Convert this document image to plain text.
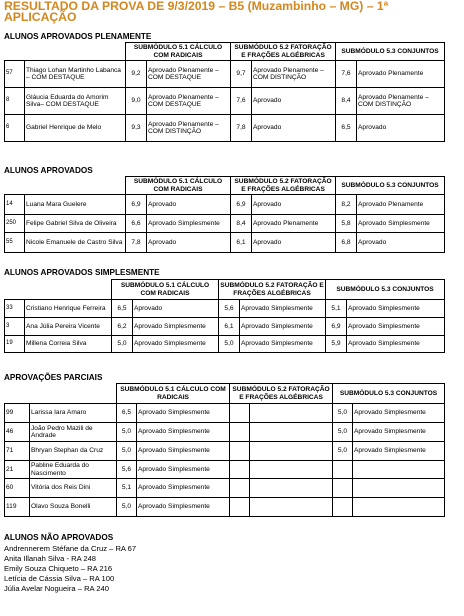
RESULTADO DA PROVA DE 9/3/2019 – B5 (Muzambinho – MG) – 1ª APLICAÇÃO
ALUNOS APROVADOS PLENAMENTE
		SUBMÓDULO 5.1 CÁLCULO COM RADICAIS		SUBMÓDULO 5.2 FATORAÇÃO E FRAÇÕES ALGÉBRICAS		SUBMÓDULO 5.3 CONJUNTOS	
57	Thiago Lohan Martinho Labanca – COM DESTAQUE	9,2	Aprovado Plenamente – COM DESTAQUE	9,7	Aprovado Plenamente – COM DISTINÇÃO	7,6	Aprovado Plenamente
8	Gláucia Eduarda do Amorim Silva– COM DESTAQUE	9,0	Aprovado Plenamente – COM DESTAQUE	7,6	Aprovado	8,4	Aprovado Plenamente – COM DISTINÇÃO
6	Gabriel Henrique de Melo	9,3	Aprovado Plenamente – COM DISTINÇÃO	7,8	Aprovado	6,5	Aprovado
ALUNOS APROVADOS
		SUBMÓDULO 5.1 CÁLCULO COM RADICAIS		SUBMÓDULO 5.2 FATORAÇÃO E FRAÇÕES ALGÉBRICAS		SUBMÓDULO 5.3 CONJUNTOS	
14	Luana Mara Guelere	6,9	Aprovado	6,9	Aprovado	8,2	Aprovado Plenamente
250	Felipe Gabriel Silva de Oliveira	6,6	Aprovado Simplesmente	8,4	Aprovado Plenamente	5,8	Aprovado Simplesmente
55	Nicole Emanuele de Castro Silva	7,8	Aprovado	6,1	Aprovado	6,8	Aprovado
ALUNOS APROVADOS SIMPLESMENTE
		SUBMÓDULO 5.1 CÁLCULO COM RADICAIS		SUBMÓDULO 5.2 FATORAÇÃO E FRAÇÕES ALGÉBRICAS		SUBMÓDULO 5.3 CONJUNTOS	
33	Cristiano Henrique Ferreira	6,5	Aprovado	5,6	Aprovado Simplesmente	5,1	Aprovado Simplesmente
3	Ana Júlia Pereira Vicente	6,2	Aprovado Simplesmente	6,1	Aprovado Simplesmente	6,9	Aprovado Simplesmente
19	Millena Correia Silva	5,0	Aprovado Simplesmente	5,0	Aprovado Simplesmente	5,9	Aprovado Simplesmente
APROVAÇÕES PARCIAIS
		SUBMÓDULO 5.1 CÁLCULO COM RADICAIS		SUBMÓDULO 5.2 FATORAÇÃO E FRAÇÕES ALGÉBRICAS		SUBMÓDULO 5.3 CONJUNTOS	
99	Larissa Iara Amaro	6,5	Aprovado Simplesmente			5,0	Aprovado Simplesmente
46	João Pedro Mazili de Andrade	5,0	Aprovado Simplesmente			5,0	Aprovado Simplesmente
71	Bhryan Stephan da Cruz	5,0	Aprovado Simplesmente			5,0	Aprovado Simplesmente
21	Pabline Eduarda do Nascimento	5,6	Aprovado Simplesmente				
60	Vitória dos Reis Dini	5,1	Aprovado Simplesmente				
119	Olavo Souza Bonelli	5,0	Aprovado Simplesmente				
ALUNOS NÃO APROVADOS
Andrennerem Stéfane da Cruz – RA 67
Anita Illanah Silva - RA 248
Emily Souza Chiqueto – RA 216
Letícia de Cássia Silva – RA 100
Júlia Avelar Nogueira – RA 240
